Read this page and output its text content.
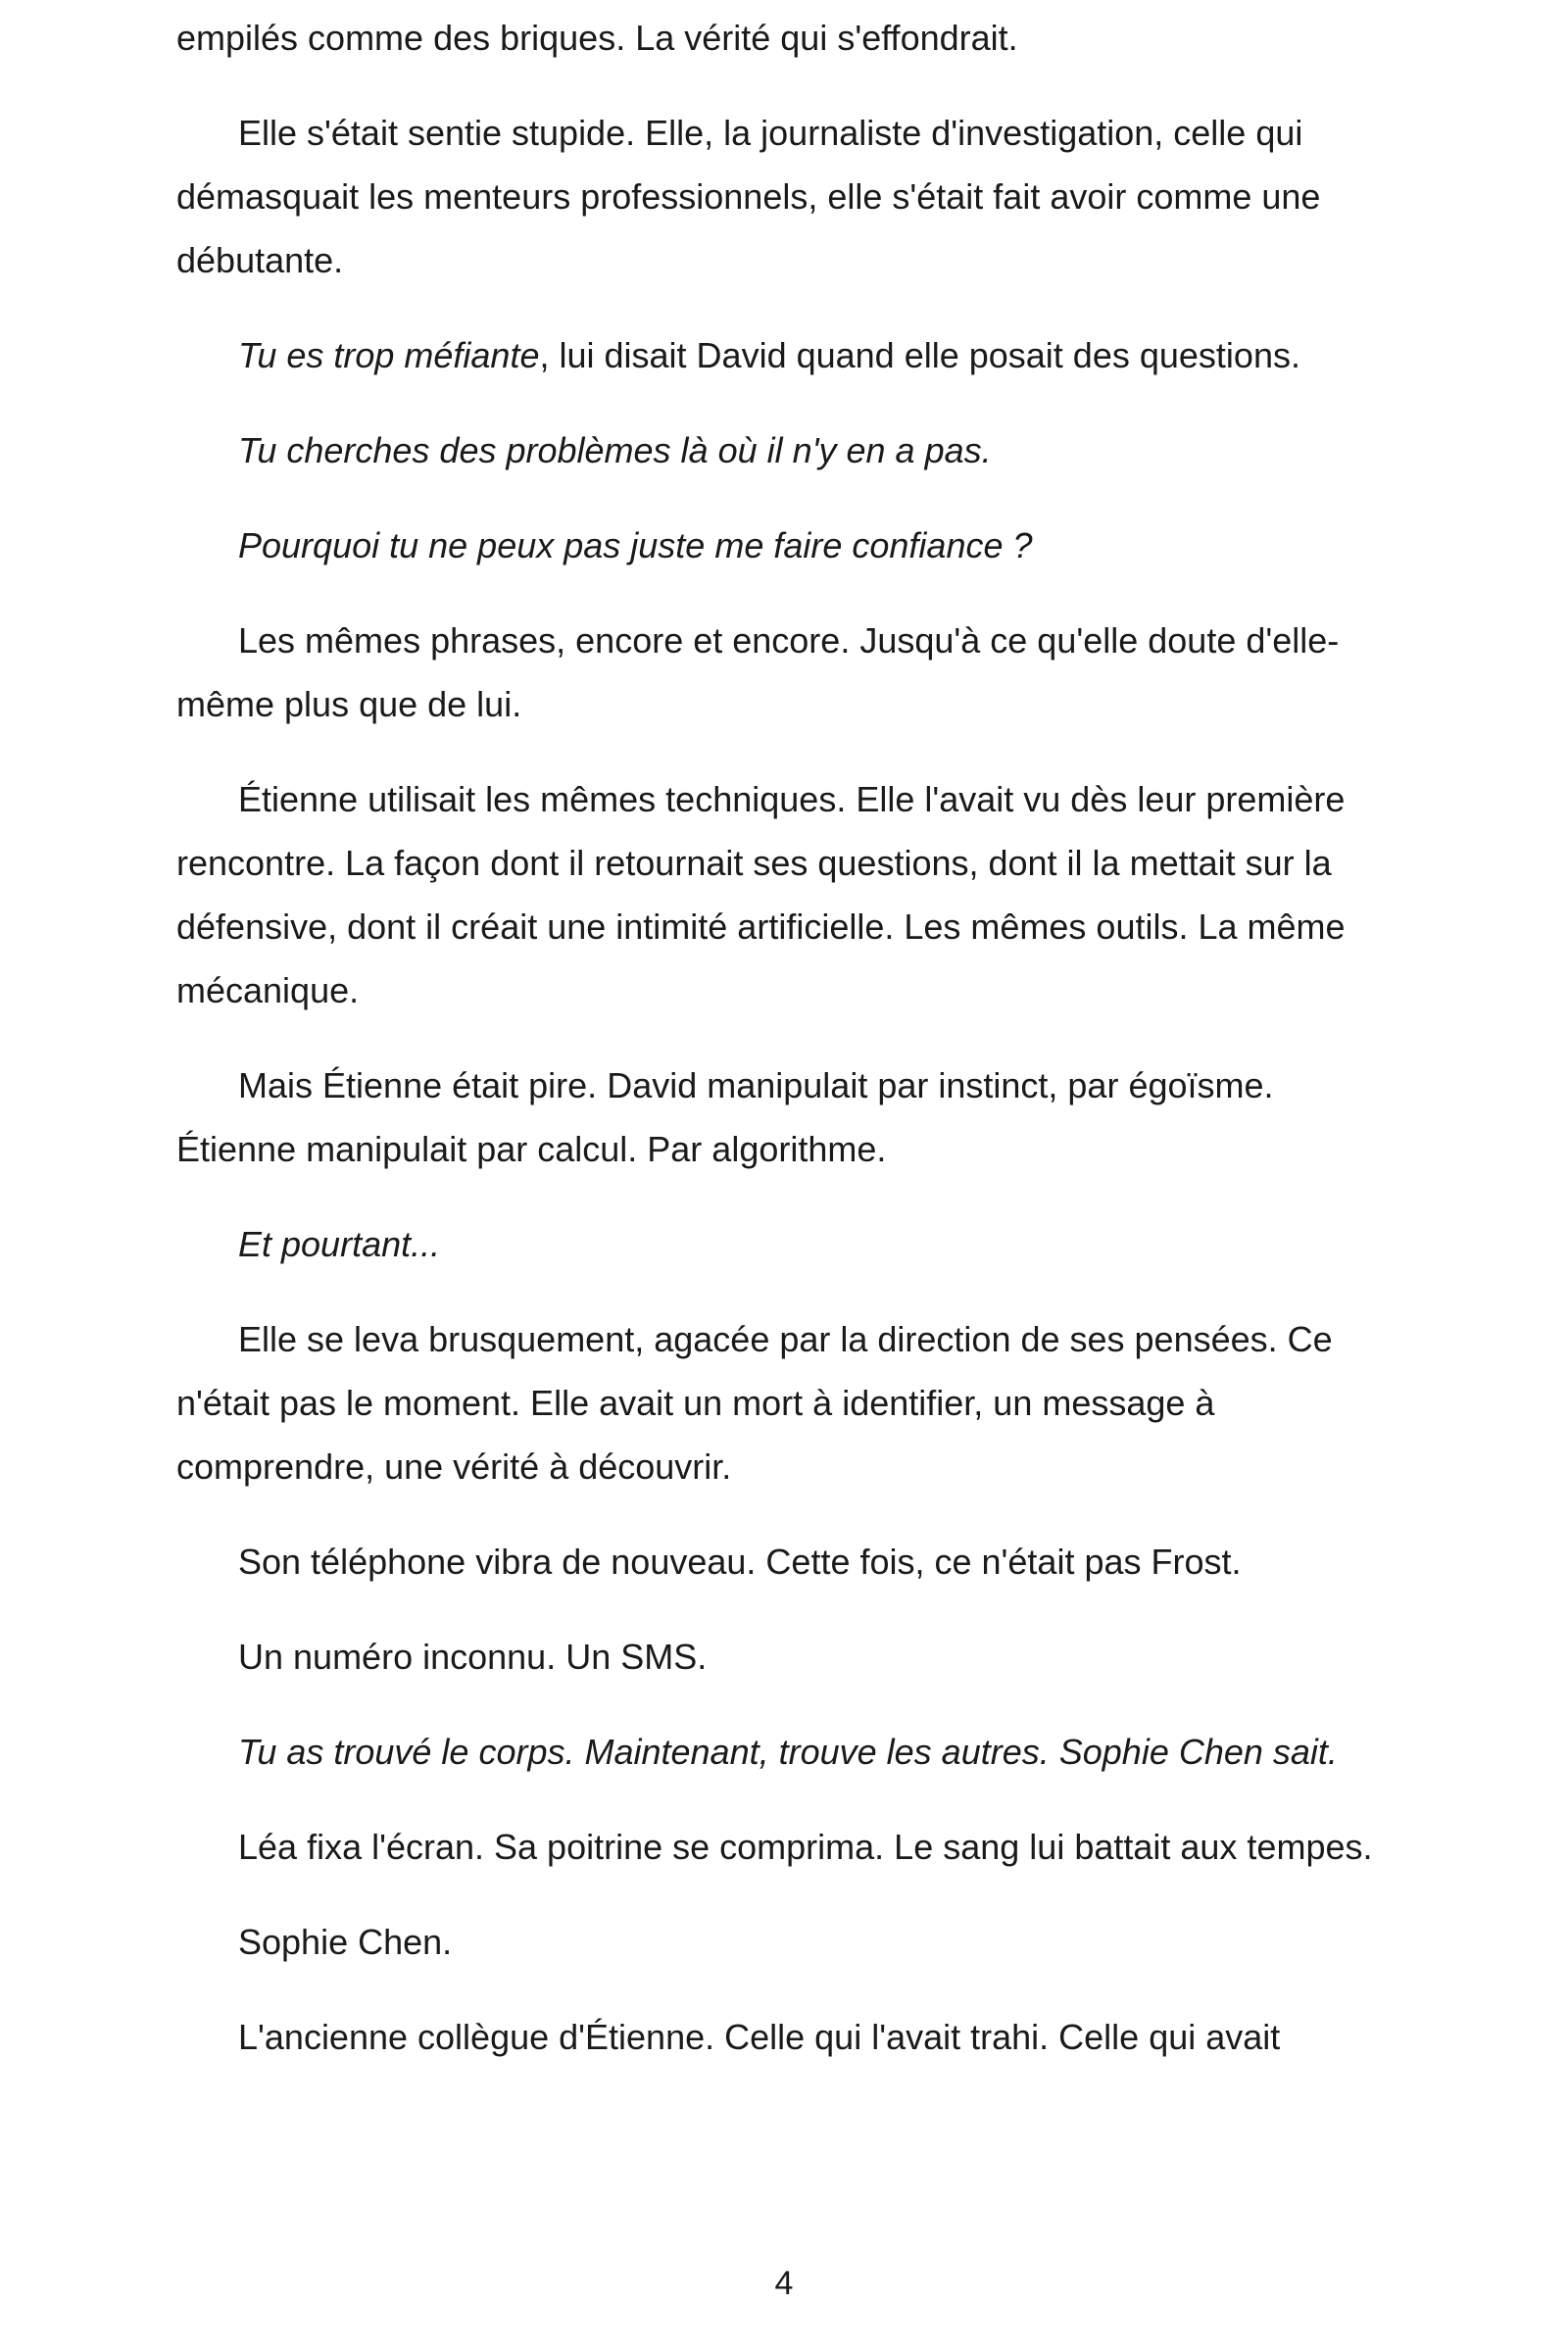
empilés comme des briques. La vérité qui s'effondrait.

Elle s'était sentie stupide. Elle, la journaliste d'investigation, celle qui démasquait les menteurs professionnels, elle s'était fait avoir comme une débutante.

Tu es trop méfiante, lui disait David quand elle posait des questions.

Tu cherches des problèmes là où il n'y en a pas.

Pourquoi tu ne peux pas juste me faire confiance ?

Les mêmes phrases, encore et encore. Jusqu'à ce qu'elle doute d'elle-même plus que de lui.

Étienne utilisait les mêmes techniques. Elle l'avait vu dès leur première rencontre. La façon dont il retournait ses questions, dont il la mettait sur la défensive, dont il créait une intimité artificielle. Les mêmes outils. La même mécanique.

Mais Étienne était pire. David manipulait par instinct, par égoïsme. Étienne manipulait par calcul. Par algorithme.

Et pourtant...

Elle se leva brusquement, agacée par la direction de ses pensées. Ce n'était pas le moment. Elle avait un mort à identifier, un message à comprendre, une vérité à découvrir.

Son téléphone vibra de nouveau. Cette fois, ce n'était pas Frost.

Un numéro inconnu. Un SMS.

Tu as trouvé le corps. Maintenant, trouve les autres. Sophie Chen sait.

Léa fixa l'écran. Sa poitrine se comprima. Le sang lui battait aux tempes.

Sophie Chen.

L'ancienne collègue d'Étienne. Celle qui l'avait trahi. Celle qui avait

4
